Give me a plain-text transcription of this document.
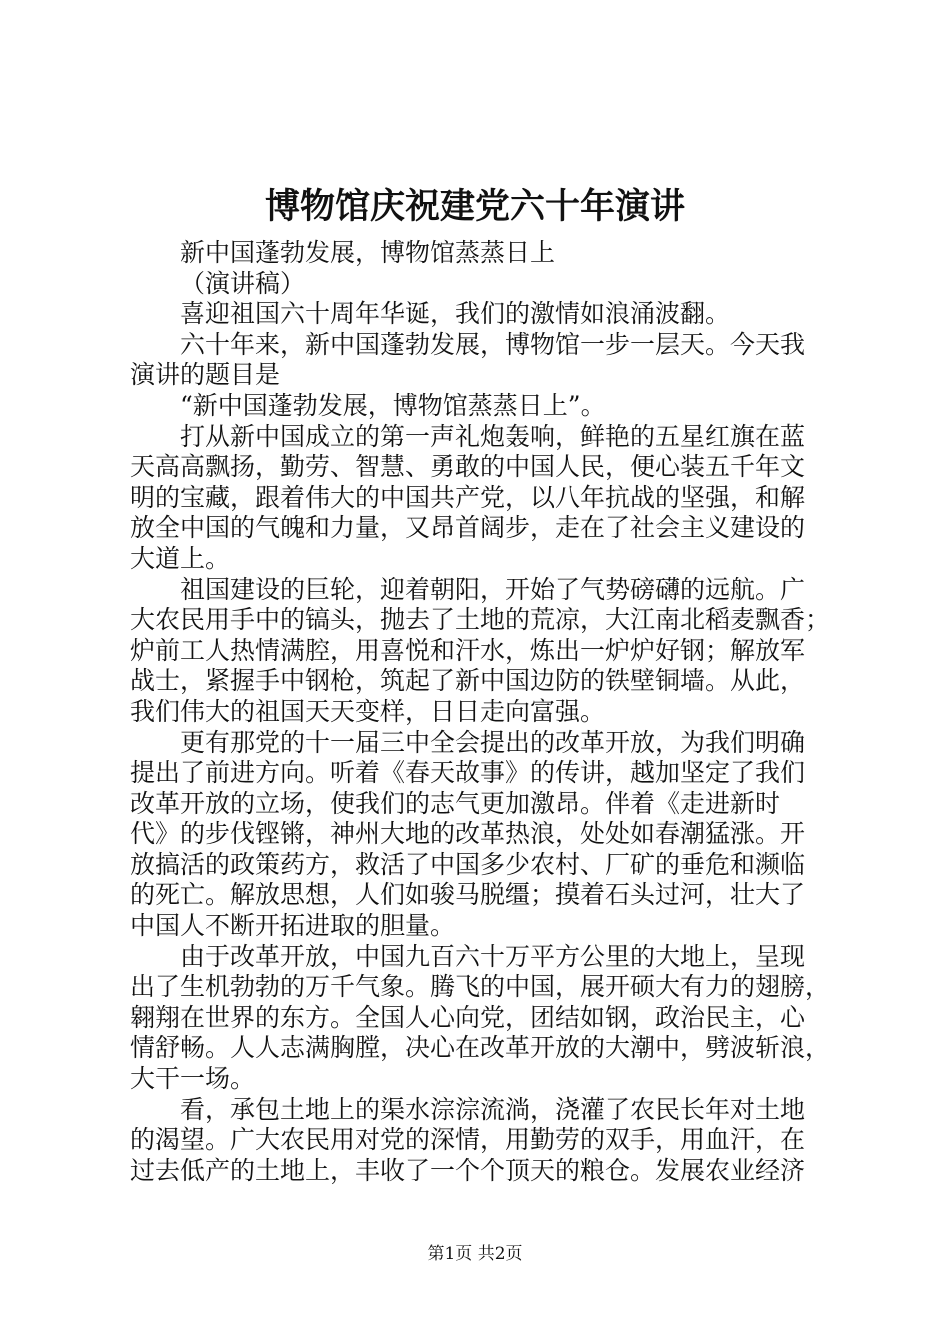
博物馆庆祝建党六十年演讲
新中国蓬勃发展，博物馆蒸蒸日上
（演讲稿）
喜迎祖国六十周年华诞，我们的激情如浪涌波翻。
六十年来，新中国蓬勃发展，博物馆一步一层天。今天我
演讲的题目是
“新中国蓬勃发展，博物馆蒸蒸日上”。
打从新中国成立的第一声礼炮轰响，鲜艳的五星红旗在蓝
天高高飘扬，勤劳、智慧、勇敢的中国人民，便心装五千年文
明的宝藏，跟着伟大的中国共产党，以八年抗战的坚强，和解
放全中国的气魄和力量，又昂首阔步，走在了社会主义建设的
大道上。
祖国建设的巨轮，迎着朝阳，开始了气势磅礴的远航。广
大农民用手中的镐头，抛去了土地的荒凉，大江南北稻麦飘香；
炉前工人热情满腔，用喜悦和汗水，炼出一炉炉好钢；解放军
战士，紧握手中钢枪，筑起了新中国边防的铁壁铜墙。从此，
我们伟大的祖国天天变样，日日走向富强。
更有那党的十一届三中全会提出的改革开放，为我们明确
提出了前进方向。听着《春天故事》的传讲，越加坚定了我们
改革开放的立场，使我们的志气更加激昂。伴着《走进新时
代》的步伐铿锵，神州大地的改革热浪，处处如春潮猛涨。开
放搞活的政策药方，救活了中国多少农村、厂矿的垂危和濒临
的死亡。解放思想，人们如骏马脱缰；摸着石头过河，壮大了
中国人不断开拓进取的胆量。
由于改革开放，中国九百六十万平方公里的大地上，呈现
出了生机勃勃的万千气象。腾飞的中国，展开硕大有力的翅膀，
翱翔在世界的东方。全国人心向党，团结如钢，政治民主，心
情舒畅。人人志满胸膛，决心在改革开放的大潮中，劈波斩浪，
大干一场。
看，承包土地上的渠水淙淙流淌，浇灌了农民长年对土地
的渴望。广大农民用对党的深情，用勤劳的双手，用血汗，在
过去低产的土地上，丰收了一个个顶天的粮仓。发展农业经济
第1页 共2页
